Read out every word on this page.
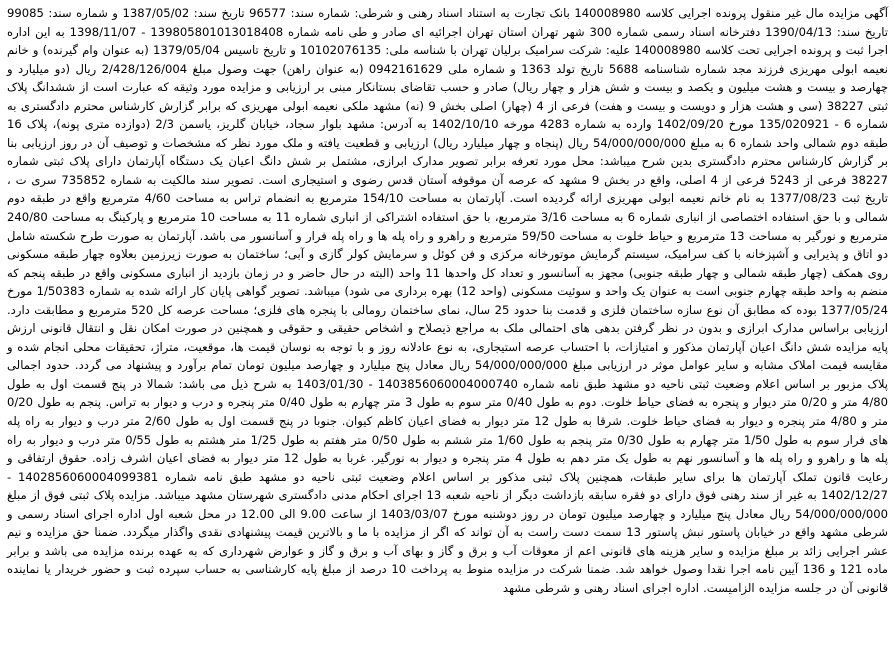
آگهی مزایده مال غیر منقول پرونده اجرایی کلاسه 140008980 بانک تجارت به استناد اسناد رهنی و شرطی: شماره سند: 96577 تاریخ سند: 1387/05/02 و شماره سند: 99085 تاریخ سند: 1390/04/13 دفترخانه اسناد رسمی شماره 300 شهر تهران استان تهران اجرائیه ای صادر و طی نامه شماره 13980580101301840​8 - 1398/11/07 به این اداره اجرا ثبت و پرونده اجرایی تحت کلاسه 140008980 علیه: شرکت سرامیک برلیان تهران با شناسه ملی: 10102076135 و تاریخ تاسیس 1379/05/04 (به عنوان وام گیرنده) و خانم نعیمه ابولی مهریزی فرزند مجد شماره شناسنامه 5688 تاریخ تولد 1363 و شماره ملی 0942161629 (به عنوان راهن) جهت وصول مبلغ 2/428/126/004 ریال (دو میلیارد و چهارصد و بیست و هشت میلیون و یکصد و بیست و شش هزار و چهار ریال) صادر و حسب تقاضای بستانکار مبنی بر ارزیابی و مزایده مورد وثیقه که عبارت است از ششدانگ پلاک ثبتی 38227 (سی و هشت هزار و دویست و بیست و هفت) فرعی از 4 (چهار) اصلی بخش 9 (نه) مشهد ملکی نعیمه ابولی مهریزی که برابر گزارش کارشناس محترم دادگستری به شماره 6 - 135/020921 مورخ 1402/09/20 وارده به شماره 4283 مورخه 1402/10/10 به آدرس: مشهد بلوار سجاد، خیابان گلریز، یاسمن 2/3 (دوازده متری پونه)، پلاک 16 طبقه دوم شمالی واحد شماره 6 به مبلغ 54/000/000/000 ریال (پنجاه و چهار میلیارد ریال) ارزیابی و قطعیت یافته و ملک مورد نظر که مشخصات و توصیف آن در روز ارزیابی بنا بر گزارش کارشناس محترم دادگستری بدین شرح میباشد: محل مورد تعرفه برابر تصویر مدارک ابرازی، مشتمل بر شش دانگ اعیان یک دستگاه آپارتمان دارای پلاک ثبتی شماره 38227 فرعی از 5243 فرعی از 4 اصلی، واقع در بخش 9 مشهد که عرصه آن موقوفه آستان قدس رضوی و استیجاری است. تصویر سند مالکیت به شماره 735852 سری ت ، تاریخ ثبت 1377/08/23 به نام خانم نعیمه ابولی مهریزی ارائه گردیده است. آپارتمان به مساحت 154/10 مترمربع به انضمام تراس به مساحت 4/60 مترمربع واقع در طبقه دوم شمالی و با حق استفاده اختصاصی از انباری شماره 6 به مساحت 3/16 مترمربع، با حق استفاده اشتراکی از انباری شماره 11 به مساحت 10 مترمربع و پارکینگ به مساحت 240/80 مترمربع و نورگیر به مساحت 13 مترمربع و حیاط خلوت به مساحت 59/50 مترمربع و راهرو و راه پله ها و راه پله فرار و آسانسور می باشد. آپارتمان به صورت طرح شکسته شامل دو اتاق و پذیرایی و آشپزخانه با کف سرامیک، سیستم گرمایش موتورخانه مرکزی و فن کوئل و سرمایش کولر گازی و آبی؛ ساختمان به صورت زیرزمین بعلاوه چهار طبقه مسکونی روی همکف (چهار طبقه شمالی و چهار طبقه جنوبی) مجهز به آسانسور و تعداد کل واحدها 11 واحد (البته در حال حاضر و در زمان بازدید از انباری مسکونی واقع در طبقه پنجم که منضم به واحد طبقه چهارم جنوبی است به عنوان یک واحد و سوئیت مسکونی (واحد 12) بهره برداری می شود) میباشد. تصویر گواهی پایان کار ارائه شده به شماره 1/50383 مورخ 1377/05/24 بوده که مطابق آن نوع سازه ساختمان فلزی و قدمت بنا حدود 25 سال، نمای ساختمان رومالی با پنجره های فلزی؛ مساحت عرصه کل 520 مترمربع و مطابقت دارد. ارزیابی براساس مدارک ابرازی و بدون در نظر گرفتن بدهی های احتمالی ملک به مراجع ذیصلاح و اشخاص حقیقی و حقوقی و همچنین در صورت امکان نقل و انتقال قانونی ارزش پایه مزایده شش دانگ اعیان آپارتمان مذکور و امتیازات، با احتساب عرصه استیجاری، به نوع عادلانه روز و با توجه به نوسان قیمت ها، موقعیت، متراژ، تحقیقات محلی انجام شده و مقایسه قیمت املاک مشابه و سایر عوامل موثر در ارزیابی مبلغ 54/000/000/000 ریال معادل پنج میلیارد و چهارصد میلیون تومان تمام برآورد و پیشنهاد می گردد. حدود اجمالی پلاک مزبور بر اساس اعلام وضعیت ثبتی ناحیه دو مشهد طبق نامه شماره 140385606000400074​0 - 1403/01/30 به شرح ذیل می باشد: شمالا در پنج قسمت اول به طول 4/80 متر و 0/20 متر دیوار و پنجره به فضای حیاط خلوت. دوم به طول 0/40 متر سوم به طول 3 متر چهارم به طول 0/40 متر پنجره و درب و دیوار به تراس. پنجم به طول 0/20 متر و 4/80 متر پنجره و دیوار به فضای حیاط خلوت. شرقا به طول 12 متر دیوار به فضای اعیان کاظم کیوان. جنوبا در پنج قسمت اول به طول 2/60 متر درب و دیوار به راه پله های فرار سوم به طول 1/50 متر چهارم به طول 0/30 متر پنجم به طول 1/60 متر ششم به طول 0/50 متر هفتم به طول 1/25 متر هشتم به طول 0/55 متر درب و دیوار به راه پله ها و راهرو و راه پله ها و آسانسور نهم به طول یک متر دهم به طول 4 متر پنجره و دیوار به نورگیر. غربا به طول 12 متر دیوار به فضای اعیان اشرف زاده. حقوق ارتفاقی و رعایت قانون تملک آپارتمان ها برای سایر طبقات، همچنین پلاک ثبتی مذکور بر اساس اعلام وضعیت ثبتی ناحیه دو مشهد طبق نامه شماره 140285606000409938​1 - 1402/12/27 به غیر از سند رهنی فوق دارای دو فقره سابقه بازداشت دیگر از ناحیه شعبه 13 اجرای احکام مدنی دادگستری شهرستان مشهد میباشد. مزایده پلاک ثبتی فوق از مبلغ 54/000/000/000 ریال معادل پنج میلیارد و چهارصد میلیون تومان در روز دوشنبه مورخ 1403/03/07 از ساعت 9.00 الی 12.00 در محل شعبه اول اداره اجرای اسناد رسمی و شرطی مشهد واقع در خیابان پاستور نبش پاستور 13 سمت دست راست به آن تواند که اگر از مزایده با ما و بالاترین قیمت پیشنهادی نقدی واگذار میگردد. ضمنا حق مزایده و نیم عشر اجرایی زائد بر مبلغ مزایده و سایر هزینه های قانونی اعم از معوقات آب و برق و گاز و بهای آب و برق و گاز و عوارض شهرداری که به عهده برنده مزایده می باشد و برابر ماده 121 و 136 آیین نامه اجرا نقدا وصول خواهد شد. ضمنا شرکت در مزایده منوط به پرداخت 10 درصد از مبلغ پایه کارشناسی به حساب سپرده ثبت و حضور خریدار یا نماینده قانونی آن در جلسه مزایده الزامیست. اداره اجرای اسناد رهنی و شرطی مشهد
